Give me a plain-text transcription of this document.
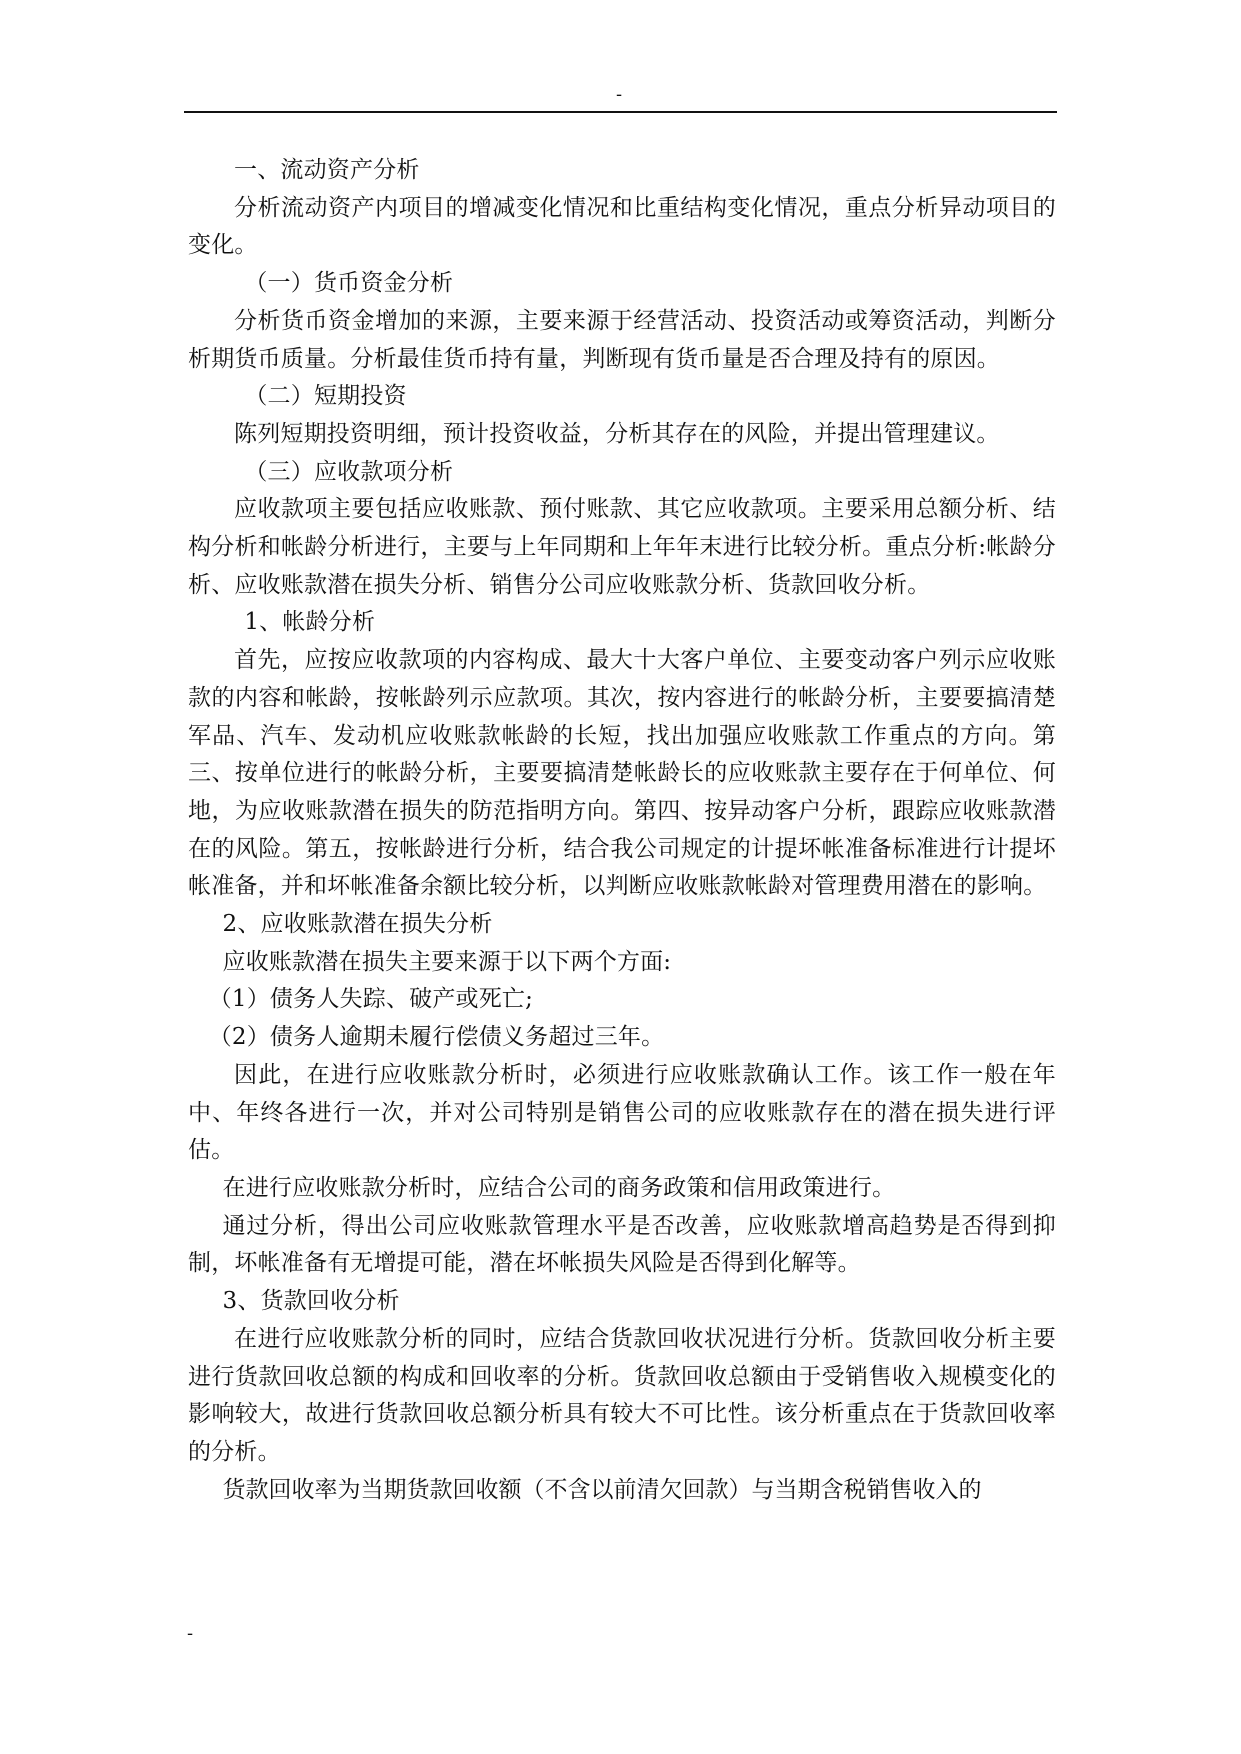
-

一、流动资产分析

分析流动资产内项目的增减变化情况和比重结构变化情况，重点分析异动项目的变化。

（一）货币资金分析

分析货币资金增加的来源，主要来源于经营活动、投资活动或筹资活动，判断分析期货币质量。分析最佳货币持有量，判断现有货币量是否合理及持有的原因。

（二）短期投资

陈列短期投资明细，预计投资收益，分析其存在的风险，并提出管理建议。

（三）应收款项分析

应收款项主要包括应收账款、预付账款、其它应收款项。主要采用总额分析、结构分析和帐龄分析进行，主要与上年同期和上年年末进行比较分析。重点分析:帐龄分析、应收账款潜在损失分析、销售分公司应收账款分析、货款回收分析。

1、帐龄分析

首先，应按应收款项的内容构成、最大十大客户单位、主要变动客户列示应收账款的内容和帐龄，按帐龄列示应款项。其次，按内容进行的帐龄分析，主要要搞清楚军品、汽车、发动机应收账款帐龄的长短，找出加强应收账款工作重点的方向。第三、按单位进行的帐龄分析，主要要搞清楚帐龄长的应收账款主要存在于何单位、何地，为应收账款潜在损失的防范指明方向。第四、按异动客户分析，跟踪应收账款潜在的风险。第五，按帐龄进行分析，结合我公司规定的计提坏帐准备标准进行计提坏帐准备，并和坏帐准备余额比较分析，以判断应收账款帐龄对管理费用潜在的影响。

2、应收账款潜在损失分析

应收账款潜在损失主要来源于以下两个方面:

（1）债务人失踪、破产或死亡;

（2）债务人逾期未履行偿债义务超过三年。

因此，在进行应收账款分析时，必须进行应收账款确认工作。该工作一般在年中、年终各进行一次，并对公司特别是销售公司的应收账款存在的潜在损失进行评估。

在进行应收账款分析时，应结合公司的商务政策和信用政策进行。

通过分析，得出公司应收账款管理水平是否改善，应收账款增高趋势是否得到抑制，坏帐准备有无增提可能，潜在坏帐损失风险是否得到化解等。

3、货款回收分析

在进行应收账款分析的同时，应结合货款回收状况进行分析。货款回收分析主要进行货款回收总额的构成和回收率的分析。货款回收总额由于受销售收入规模变化的影响较大，故进行货款回收总额分析具有较大不可比性。该分析重点在于货款回收率的分析。

货款回收率为当期货款回收额（不含以前清欠回款）与当期含税销售收入的

-
